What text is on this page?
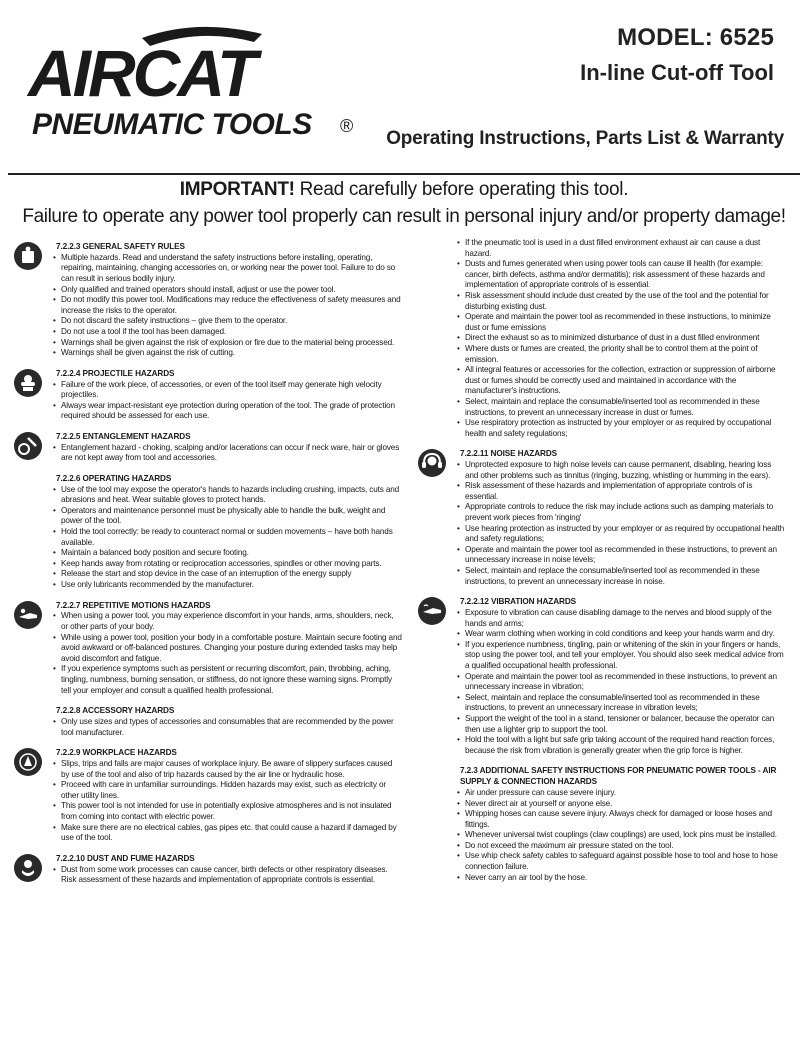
AIRCAT
PNEUMATIC TOOLS ®
MODEL: 6525
In-line Cut-off Tool
Operating Instructions, Parts List & Warranty
IMPORTANT! Read carefully before operating this tool.
Failure to operate any power tool properly can result in personal injury and/or property damage!
7.2.2.3 GENERAL SAFETY RULES
• Multiple hazards. Read and understand the safety instructions before installing, operating, repairing, maintaining, changing accessories on, or working near the power tool. Failure to do so can result in serious bodily injury.
• Only qualified and trained operators should install, adjust or use the power tool.
• Do not modify this power tool. Modifications may reduce the effectiveness of safety measures and increase the risks to the operator.
• Do not discard the safety instructions – give them to the operator.
• Do not use a tool if the tool has been damaged.
• Warnings shall be given against the risk of explosion or fire due to the material being processed.
• Warnings shall be given against the risk of cutting.
7.2.2.4 PROJECTILE HAZARDS
• Failure of the work piece, of accessories, or even of the tool itself may generate high velocity projectiles.
• Always wear impact-resistant eye protection during operation of the tool. The grade of protection required should be assessed for each use.
7.2.2.5 ENTANGLEMENT HAZARDS
• Entanglement hazard - choking, scalping and/or lacerations can occur if neck ware, hair or gloves are not kept away from tool and accessories.
7.2.2.6 OPERATING HAZARDS
• Use of the tool may expose the operator's hands to hazards including crushing, impacts, cuts and abrasions and heat. Wear suitable gloves to protect hands.
• Operators and maintenance personnel must be physically able to handle the bulk, weight and power of the tool.
• Hold the tool correctly: be ready to counteract normal or sudden movements – have both hands available.
• Maintain a balanced body position and secure footing.
• Keep hands away from rotating or reciprocation accessories, spindles or other moving parts.
• Release the start and stop device in the case of an interruption of the energy supply
• Use only lubricants recommended by the manufacturer.
7.2.2.7 REPETITIVE MOTIONS HAZARDS
• When using a power tool, you may experience discomfort in your hands, arms, shoulders, neck, or other parts of your body.
• While using a power tool, position your body in a comfortable posture. Maintain secure footing and avoid awkward or off-balanced postures. Changing your posture during extended tasks may help avoid discomfort and fatigue.
• If you experience symptoms such as persistent or recurring discomfort, pain, throbbing, aching, tingling, numbness, burning sensation, or stiffness, do not ignore these warning signs. Promptly tell your employer and consult a qualified health professional.
7.2.2.8 ACCESSORY HAZARDS
• Only use sizes and types of accessories and consumables that are recommended by the power tool manufacturer.
7.2.2.9 WORKPLACE HAZARDS
• Slips, trips and falls are major causes of workplace injury. Be aware of slippery surfaces caused by use of the tool and also of trip hazards caused by the air line or hydraulic hose.
• Proceed with care in unfamiliar surroundings. Hidden hazards may exist, such as electricity or other utility lines.
• This power tool is not intended for use in potentially explosive atmospheres and is not insulated from coming into contact with electric power.
• Make sure there are no electrical cables, gas pipes etc. that could cause a hazard if damaged by use of the tool.
7.2.2.10 DUST AND FUME HAZARDS
• Dust from some work processes can cause cancer, birth defects or other respiratory diseases. Risk assessment of these hazards and implementation of appropriate controls is essential.
• If the pneumatic tool is used in a dust filled environment exhaust air can cause a dust hazard.
• Dusts and fumes generated when using power tools can cause ill health (for example: cancer, birth defects, asthma and/or dermatitis); risk assessment of these hazards and implementation of appropriate controls of is essential.
• Risk assessment should include dust created by the use of the tool and the potential for disturbing existing dust.
• Operate and maintain the power tool as recommended in these instructions, to minimize dust or fume emissions
• Direct the exhaust so as to minimized disturbance of dust in a dust filled environment
• Where dusts or fumes are created, the priority shall be to control them at the point of emission.
• All integral features or accessories for the collection, extraction or suppression of airborne dust or fumes should be correctly used and maintained in accordance with the manufacturer's instructions.
• Select, maintain and replace the consumable/inserted tool as recommended in these instructions, to prevent an unnecessary increase in dust or fumes.
• Use respiratory protection as instructed by your employer or as required by occupational health and safety regulations;
7.2.2.11 NOISE HAZARDS
• Unprotected exposure to high noise levels can cause permanent, disabling, hearing loss and other problems such as tinnitus (ringing, buzzing, whistling or humming in the ears).
• Risk assessment of these hazards and implementation of appropriate controls of is essential.
• Appropriate controls to reduce the risk may include actions such as damping materials to prevent work pieces from 'ringing'
• Use hearing protection as instructed by your employer or as required by occupational health and safety regulations;
• Operate and maintain the power tool as recommended in these instructions, to prevent an unnecessary increase in noise levels;
• Select, maintain and replace the consumable/inserted tool as recommended in these instructions, to prevent an unnecessary increase in noise.
7.2.2.12 VIBRATION HAZARDS
• Exposure to vibration can cause disabling damage to the nerves and blood supply of the hands and arms;
• Wear warm clothing when working in cold conditions and keep your hands warm and dry.
• If you experience numbness, tingling, pain or whitening of the skin in your fingers or hands, stop using the power tool, and tell your employer. You should also seek medical advice from a qualified occupational health professional.
• Operate and maintain the power tool as recommended in these instructions, to prevent an unnecessary increase in vibration;
• Select, maintain and replace the consumable/inserted tool as recommended in these instructions, to prevent an unnecessary increase in vibration levels;
• Support the weight of the tool in a stand, tensioner or balancer, because the operator can then use a lighter grip to support the tool.
• Hold the tool with a light but safe grip taking account of the required hand reaction forces, because the risk from vibration is generally greater when the grip force is higher.
7.2.3 ADDITIONAL SAFETY INSTRUCTIONS FOR PNEUMATIC POWER TOOLS - AIR SUPPLY & CONNECTION HAZARDS
• Air under pressure can cause severe injury.
• Never direct air at yourself or anyone else.
• Whipping hoses can cause severe injury. Always check for damaged or loose hoses and fittings.
• Whenever universal twist couplings (claw couplings) are used, lock pins must be installed.
• Do not exceed the maximum air pressure stated on the tool.
• Use whip check safety cables to safeguard against possible hose to tool and hose to hose connection failure.
• Never carry an air tool by the hose.
